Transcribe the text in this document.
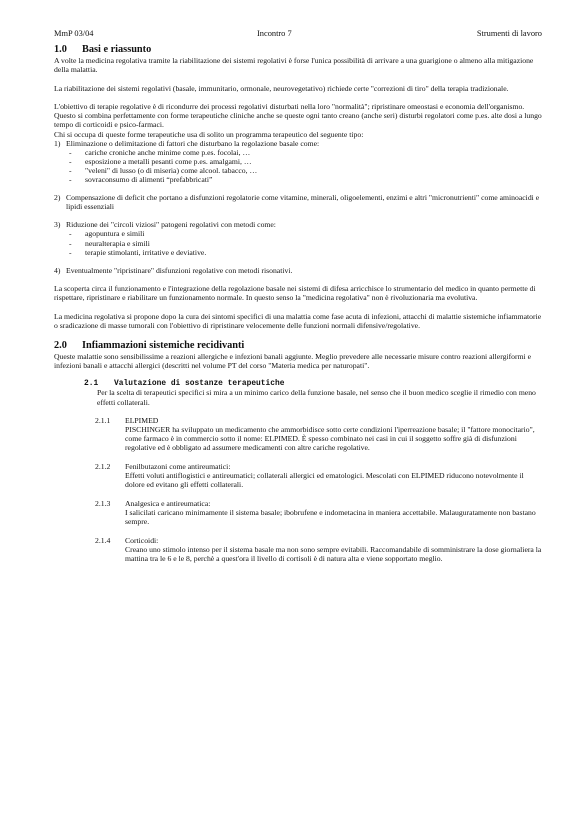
MmP 03/04	Incontro 7	Strumenti di lavoro
1.0 Basi e riassunto

A volte la medicina regolativa tramite la riabilitazione dei sistemi regolativi è forse l'unica possibilità di arrivare a una guarigione o almeno alla mitigazione della malattia.

La riabilitazione dei sistemi regolativi (basale, immunitario, ormonale, neurovegetativo) richiede certe "correzioni di tiro" della terapia tradizionale.

L'obiettivo di terapie regolative è di ricondurre dei processi regolativi disturbati nella loro "normalità"; ripristinare omeostasi e economia dell'organismo. Questo si combina perfettamente con forme terapeutiche cliniche anche se queste ogni tanto creano (anche seri) disturbi regolatori come p.es. alte dosi a lungo tempo di corticoidi e psico-farmaci.

Chi si occupa di queste forme terapeutiche usa di solito un programma terapeutico del seguente tipo:

1) Eliminazione o delimitazione di fattori che disturbano la regolazione basale come:
- cariche croniche anche minime come p.es. focolai, …
- esposizione a metalli pesanti come p.es. amalgami, …
- "veleni" di lusso (o di miseria) come alcool. tabacco, …
- sovraconsumo di alimenti “prefabbricati”
2) Compensazione di deficit che portano a disfunzioni regolatorie come vitamine, minerali, oligoelementi, enzimi e altri "micronutrienti" come aminoacidi e lipidi essenziali
3) Riduzione dei "circoli viziosi" patogeni regolativi con metodi come:
- agopuntura e simili
- neuralterapia e simili
- terapie stimolanti, irritative e deviative.
4) Eventualmente "ripristinare" disfunzioni regolative con metodi risonativi.

La scoperta circa il funzionamento e l'integrazione della regolazione basale nei sistemi di difesa arricchisce lo strumentario del medico in quanto permette di rispettare, ripristinare e riabilitare un funzionamento normale. In questo senso la "medicina regolativa" non è rivoluzionaria ma evolutiva.

La medicina regolativa si propone dopo la cura dei sintomi specifici di una malattia come fase acuta di infezioni, attacchi di malattie sistemiche infiammatorie o sradicazione di masse tumorali con l'obiettivo di ripristinare velocemente delle funzioni normali difensive/regolative.

2.0 Infiammazioni sistemiche recidivanti

Queste malattie sono sensibilissime a reazioni allergiche e infezioni banali aggiunte. Meglio prevedere alle necessarie misure contro reazioni allergiformi e infezioni banali e attacchi allergici (descritti nel volume PT del corso "Materia medica per naturopati".

2.1 Valutazione di sostanze terapeutiche

Per la scelta di terapeutici specifici si mira a un minimo carico della funzione basale, nel senso che il buon medico sceglie il rimedio con meno effetti collaterali.

2.1.1 ELPIMED

PISCHINGER ha sviluppato un medicamento che ammorbidisce sotto certe condizioni l'iperreazione basale; il "fattore monocitario", come farmaco è in commercio sotto il nome: ELPIMED. È spesso combinato nei casi in cui il soggetto soffre già di disfunzioni regolative ed è obbligato ad assumere medicamenti con altre cariche regolative.

2.1.2 Fenilbutazoni come antireumatici:

Effetti voluti antiflogistici e antireumatici; collaterali allergici ed ematologici. Mescolati con ELPIMED riducono notevolmente il dolore ed evitano gli effetti collaterali.

2.1.3 Analgesica e antireumatica:

I salicilati caricano minimamente il sistema basale; ibobrufene e indometacina in maniera accettabile. Malauguratamente non bastano sempre.

2.1.4 Corticoidi:

Creano uno stimolo intenso per il sistema basale ma non sono sempre evitabili. Raccomandabile di somministrare la dose giornaliera la mattina tra le 6 e le 8, perchè a quest'ora il livello di cortisoli è di natura alta e viene sopportato meglio.
